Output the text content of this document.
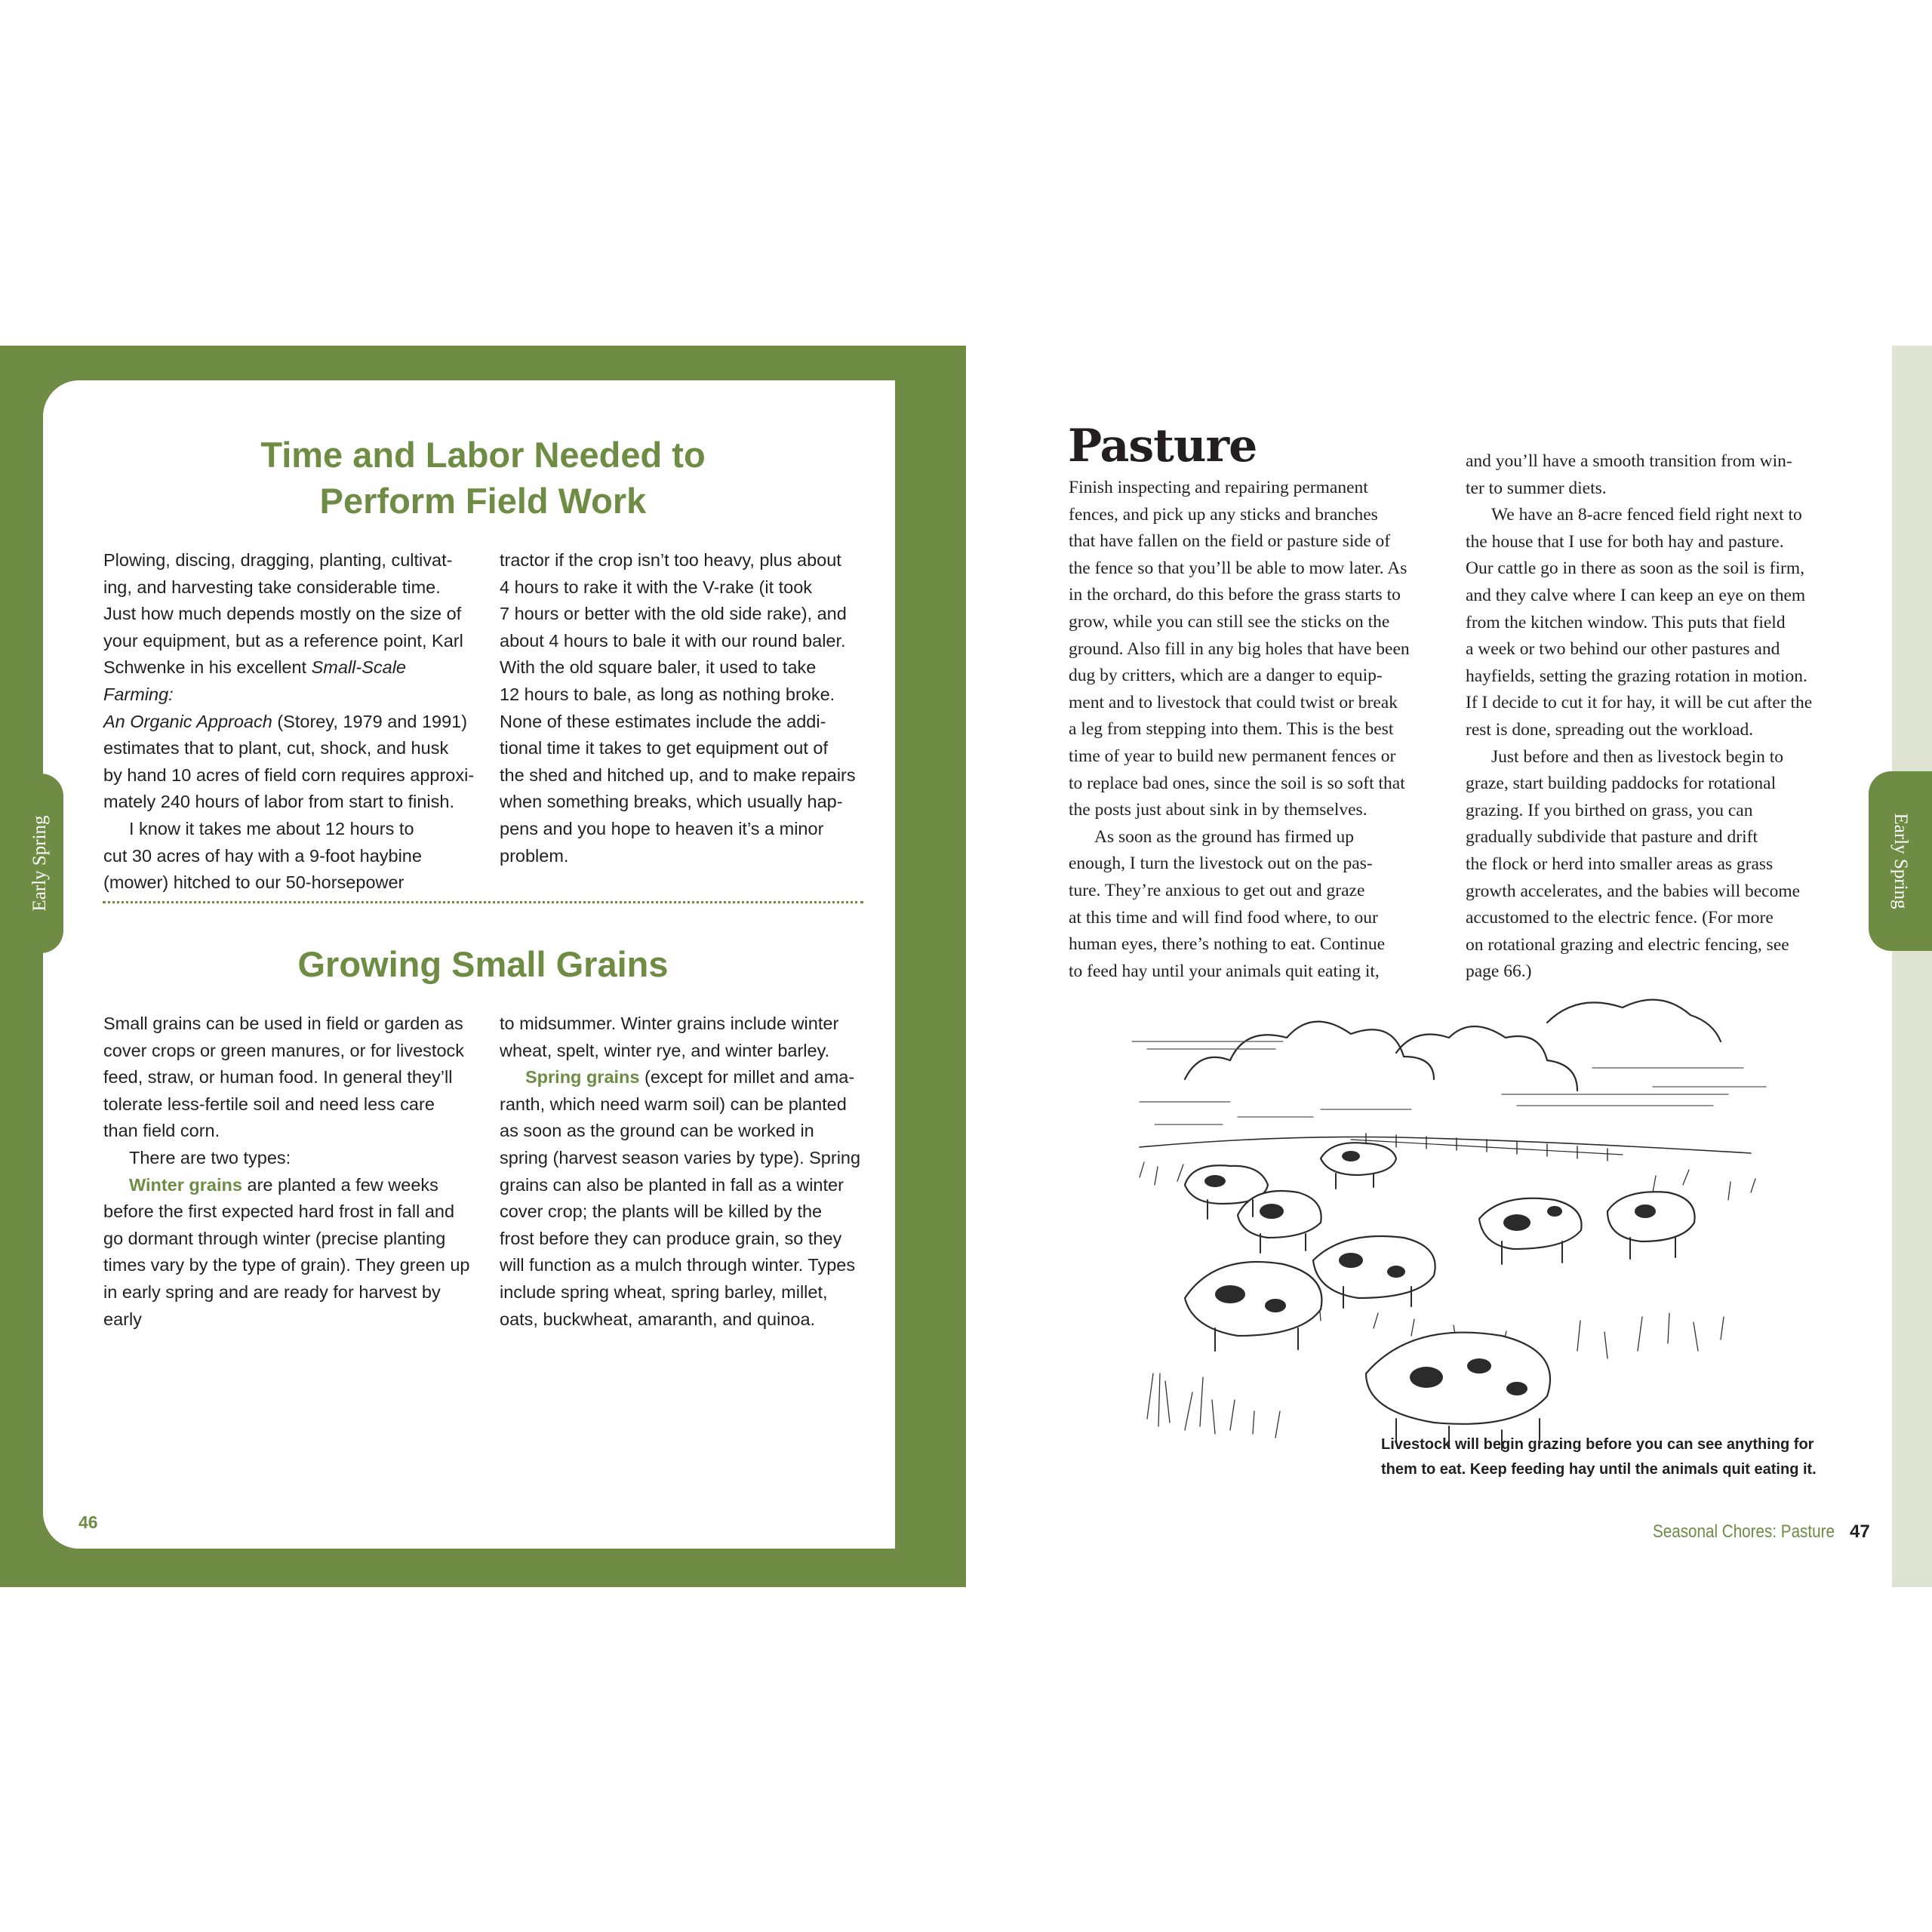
Time and Labor Needed to

Perform Field Work

Plowing, discing, dragging, planting, cultivat-

ing, and harvesting take considerable time.

Just how much depends mostly on the size of

your equipment, but as a reference point, Karl

Schwenke in his excellent Small-Scale Farming:

An Organic Approach (Storey, 1979 and 1991)

estimates that to plant, cut, shock, and husk

by hand 10 acres of field corn requires approxi-

mately 240 hours of labor from start to finish.

I know it takes me about 12 hours to

cut 30 acres of hay with a 9-foot haybine

(mower) hitched to our 50-horsepower

tractor if the crop isn’t too heavy, plus about

4 hours to rake it with the V-rake (it took

7 hours or better with the old side rake), and

about 4 hours to bale it with our round baler.

With the old square baler, it used to take

12 hours to bale, as long as nothing broke.

None of these estimates include the addi-

tional time it takes to get equipment out of

the shed and hitched up, and to make repairs

when something breaks, which usually hap-

pens and you hope to heaven it’s a minor

problem.

Growing Small Grains

Small grains can be used in field or garden as

cover crops or green manures, or for livestock

feed, straw, or human food. In general they’ll

tolerate less-fertile soil and need less care

than field corn.

There are two types:

Winter grains are planted a few weeks

before the first expected hard frost in fall and

go dormant through winter (precise planting

times vary by the type of grain). They green up

in early spring and are ready for harvest by early

to midsummer. Winter grains include winter

wheat, spelt, winter rye, and winter barley.

Spring grains (except for millet and ama-

ranth, which need warm soil) can be planted

as soon as the ground can be worked in

spring (harvest season varies by type). Spring

grains can also be planted in fall as a winter

cover crop; the plants will be killed by the

frost before they can produce grain, so they

will function as a mulch through winter. Types

include spring wheat, spring barley, millet,

oats, buckwheat, amaranth, and quinoa.

46
Early Spring
Pasture

Finish inspecting and repairing permanent

fences, and pick up any sticks and branches

that have fallen on the field or pasture side of

the fence so that you’ll be able to mow later. As

in the orchard, do this before the grass starts to

grow, while you can still see the sticks on the

ground. Also fill in any big holes that have been

dug by critters, which are a danger to equip-

ment and to livestock that could twist or break

a leg from stepping into them. This is the best

time of year to build new permanent fences or

to replace bad ones, since the soil is so soft that

the posts just about sink in by themselves.

As soon as the ground has firmed up

enough, I turn the livestock out on the pas-

ture. They’re anxious to get out and graze

at this time and will find food where, to our

human eyes, there’s nothing to eat. Continue

to feed hay until your animals quit eating it,

and you’ll have a smooth transition from win-

ter to summer diets.

We have an 8-acre fenced field right next to

the house that I use for both hay and pasture.

Our cattle go in there as soon as the soil is firm,

and they calve where I can keep an eye on them

from the kitchen window. This puts that field

a week or two behind our other pastures and

hayfields, setting the grazing rotation in motion.

If I decide to cut it for hay, it will be cut after the

rest is done, spreading out the workload.

Just before and then as livestock begin to

graze, start building paddocks for rotational

grazing. If you birthed on grass, you can

gradually subdivide that pasture and drift

the flock or herd into smaller areas as grass

growth accelerates, and the babies will become

accustomed to the electric fence. (For more

on rotational grazing and electric fencing, see

page 66.)

Livestock will begin grazing before you can see anything for
them to eat. Keep feeding hay until the animals quit eating it.
Seasonal Chores: Pasture 47
Early Spring
